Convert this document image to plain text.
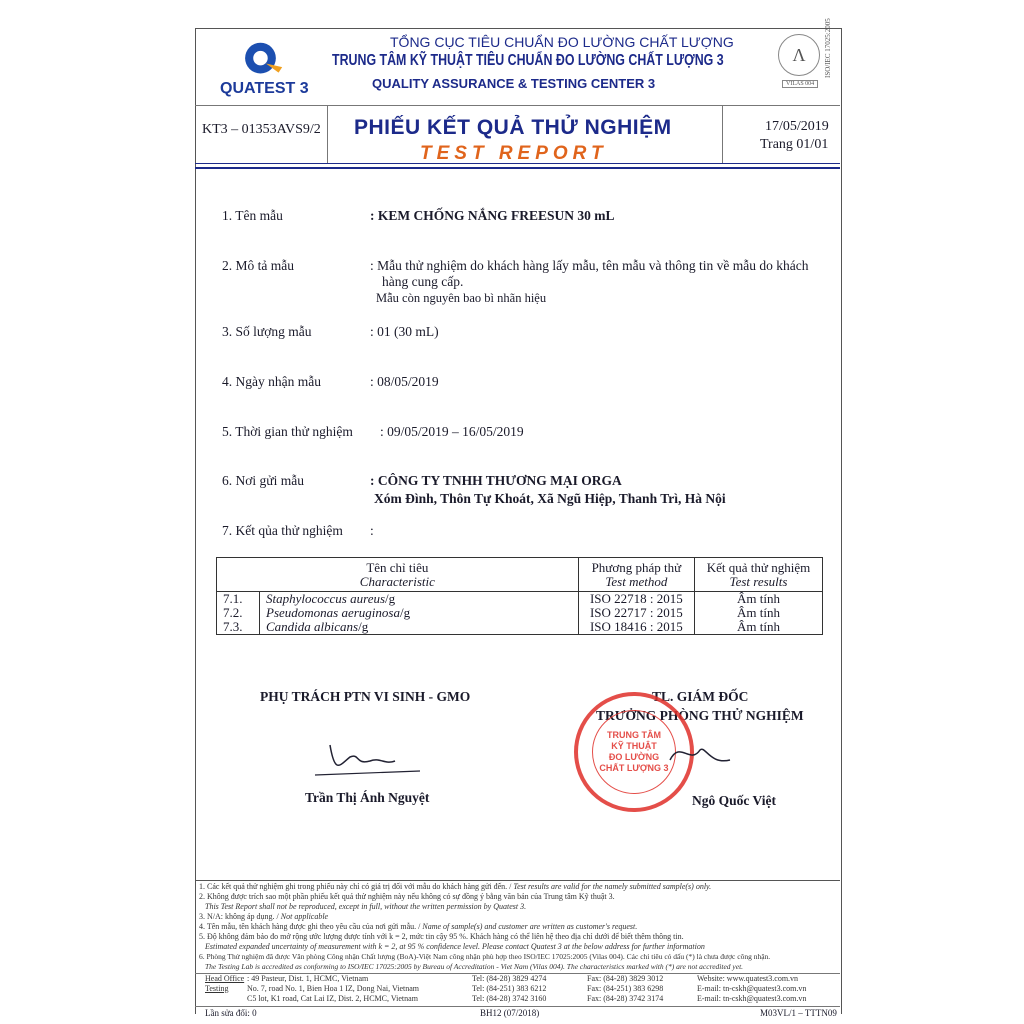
QUATEST 3
TỔNG CỤC TIÊU CHUẨN ĐO LƯỜNG CHẤT LƯỢNG
TRUNG TÂM KỸ THUẬT TIÊU CHUẨN ĐO LƯỜNG CHẤT LƯỢNG 3
QUALITY ASSURANCE & TESTING CENTER 3
Λ
VILAS 004
ISO/IEC 17025:2005
KT3 – 01353AVS9/2 PHIẾU KẾT QUẢ THỬ NGHIỆM
TEST REPORT
17/05/2019
Trang 01/01
1. Tên mẫu	: KEM CHỐNG NẮNG FREESUN 30 mL
2. Mô tả mẫu	: Mẫu thử nghiệm do khách hàng lấy mẫu, tên mẫu và thông tin về mẫu do khách
hàng cung cấp.
Mẫu còn nguyên bao bì nhãn hiệu
3. Số lượng mẫu	: 01 (30 mL)
4. Ngày nhận mẫu	: 08/05/2019
5. Thời gian thử nghiệm : 09/05/2019 – 16/05/2019
6. Nơi gửi mẫu	: CÔNG TY TNHH THƯƠNG MẠI ORGA
Xóm Đình, Thôn Tự Khoát, Xã Ngũ Hiệp, Thanh Trì, Hà Nội
7. Kết qủa thử nghiệm :
Tên chỉ tiêu
Characteristic		Phương pháp thử
Test method	Kết quả thử nghiệm
Test results
7.1.	Staphylococcus aureus/g	ISO 22718 : 2015	Âm tính
7.2.	Pseudomonas aeruginosa/g	ISO 22717 : 2015	Âm tính
7.3.	Candida albicans/g	ISO 18416 : 2015	Âm tính
PHỤ TRÁCH PTN VI SINH - GMO
Trần Thị Ánh Nguyệt
TL. GIÁM ĐỐC
TRƯỞNG PHÒNG THỬ NGHIỆM
TRUNG TÂM
KỸ THUẬT
ĐO LƯỜNG
CHẤT LƯỢNG 3
Ngô Quốc Việt
1. Các kết quả thử nghiệm ghi trong phiếu này chỉ có giá trị đối với mẫu do khách hàng gửi đến. / Test results are valid for the namely submitted sample(s) only.
2. Không được trích sao một phần phiếu kết quả thử nghiệm này nếu không có sự đồng ý bằng văn bản của Trung tâm Kỹ thuật 3.
This Test Report shall not be reproduced, except in full, without the written permission by Quatest 3.
3. N/A: không áp dụng. / Not applicable
4. Tên mẫu, tên khách hàng được ghi theo yêu cầu của nơi gửi mẫu. / Name of sample(s) and customer are written as customer's request.
5. Độ không đảm bảo đo mở rộng ước lượng được tính với k = 2, mức tin cậy 95 %. Khách hàng có thể liên hệ theo địa chỉ dưới để biết thêm thông tin.
Estimated expanded uncertainty of measurement with k = 2, at 95 % confidence level. Please contact Quatest 3 at the below address for further information
6. Phòng Thử nghiệm đã được Văn phòng Công nhận Chất lượng (BoA)-Việt Nam công nhận phù hợp theo ISO/IEC 17025:2005 (Vilas 004). Các chỉ tiêu có dấu (*) là chưa được công nhận.
The Testing Lab is accredited as conforming to ISO/IEC 17025:2005 by Bureau of Accreditation - Viet Nam (Vilas 004). The characteristics marked with (*) are not accredited yet.
Head Office : 49 Pasteur, Dist. 1, HCMC, Vietnam	Tel: (84-28) 3829 4274	Fax: (84-28) 3829 3012	Website: www.quatest3.com.vn
Testing	No. 7, road No. 1, Bien Hoa 1 IZ, Dong Nai, Vietnam	Tel: (84-251) 383 6212	Fax: (84-251) 383 6298	E-mail: tn-cskh@quatest3.com.vn
C5 lot, K1 road, Cat Lai IZ, Dist. 2, HCMC, Vietnam	Tel: (84-28) 3742 3160	Fax: (84-28) 3742 3174	E-mail: tn-cskh@quatest3.com.vn
Lần sửa đổi: 0	BH12 (07/2018)	M03VL/1 – TTTN09
